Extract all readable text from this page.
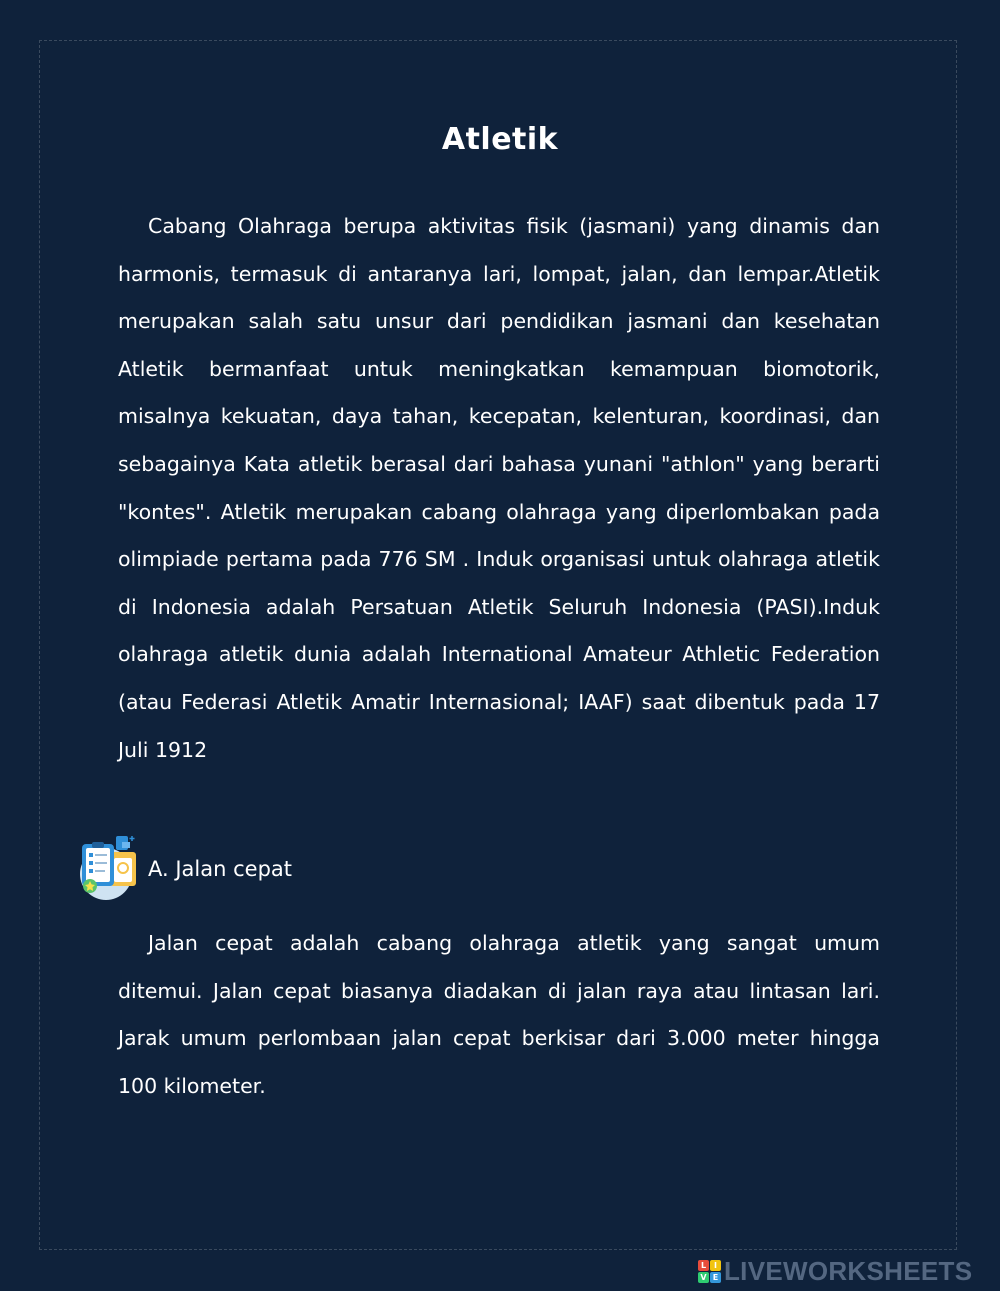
Atletik

Cabang Olahraga berupa aktivitas fisik (jasmani) yang dinamis dan harmonis, termasuk di antaranya lari, lompat, jalan, dan lempar.Atletik merupakan salah satu unsur dari pendidikan jasmani dan kesehatan Atletik bermanfaat untuk meningkatkan kemampuan biomotorik, misalnya kekuatan, daya tahan, kecepatan, kelenturan, koordinasi, dan sebagainya Kata atletik berasal dari bahasa yunani "athlon" yang berarti "kontes". Atletik merupakan cabang olahraga yang diperlombakan pada olimpiade pertama pada 776 SM . Induk organisasi untuk olahraga atletik di Indonesia adalah Persatuan Atletik Seluruh Indonesia (PASI).Induk olahraga atletik dunia adalah International Amateur Athletic Federation (atau Federasi Atletik Amatir Internasional; IAAF) saat dibentuk pada 17 Juli 1912

A. Jalan cepat

Jalan cepat adalah cabang olahraga atletik yang sangat umum ditemui. Jalan cepat biasanya diadakan di jalan raya atau lintasan lari. Jarak umum perlombaan jalan cepat berkisar dari 3.000 meter hingga 100 kilometer.

L I
V E LIVEWORKSHEETS
